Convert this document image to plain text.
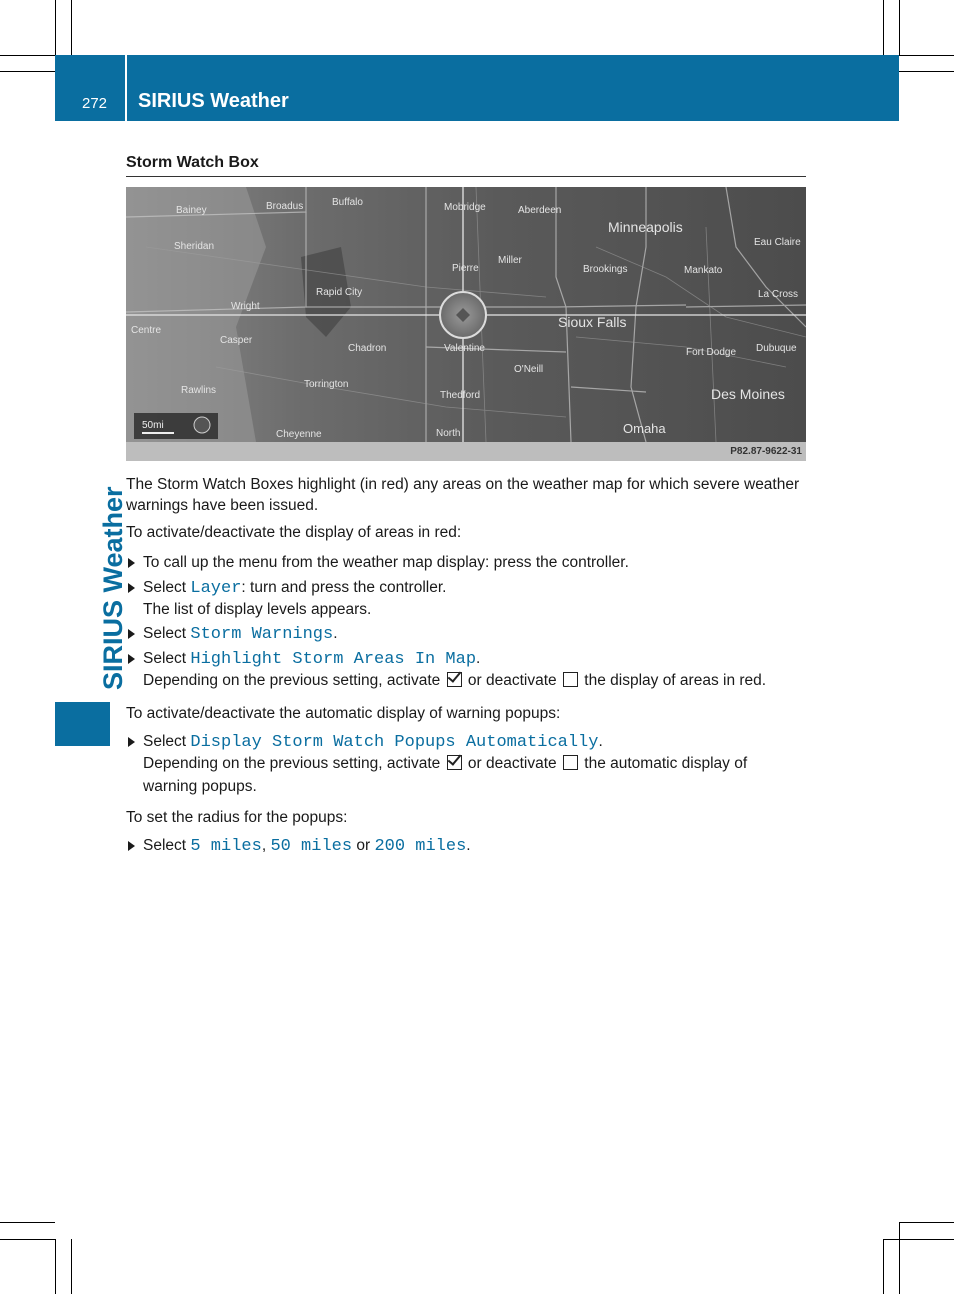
272 SIRIUS Weather
SIRIUS Weather
Storm Watch Box
Minneapolis
Eau Claire
La Cross
Sioux Falls
Des Moines
Omaha
Fort Dodge Dubuque
Mankato
Brookings
Aberdeen
Mobridge
Miller
Pierre
Rapid City
Buffalo
Broadus
Bainey
Sheridan
Wright
Centre
Casper
Rawlins
Chadron	Valentine
O'Neill
Thedford
Torrington
North
Cheyenne
50mi
P82.87-9622-31
The Storm Watch Boxes highlight (in red) any areas on the weather map for which severe weather warnings have been issued.
To activate/deactivate the display of areas in red:
To call up the menu from the weather map display: press the controller.
Select Layer: turn and press the controller.
The list of display levels appears.
Select Storm Warnings.
Select Highlight Storm Areas In Map.
Depending on the previous setting, activate or deactivate the display of areas in red.
To activate/deactivate the automatic display of warning popups:
Select Display Storm Watch Popups Automatically.
Depending on the previous setting, activate or deactivate the automatic display of
warning popups.
To set the radius for the popups:
Select 5 miles, 50 miles or 200 miles.
